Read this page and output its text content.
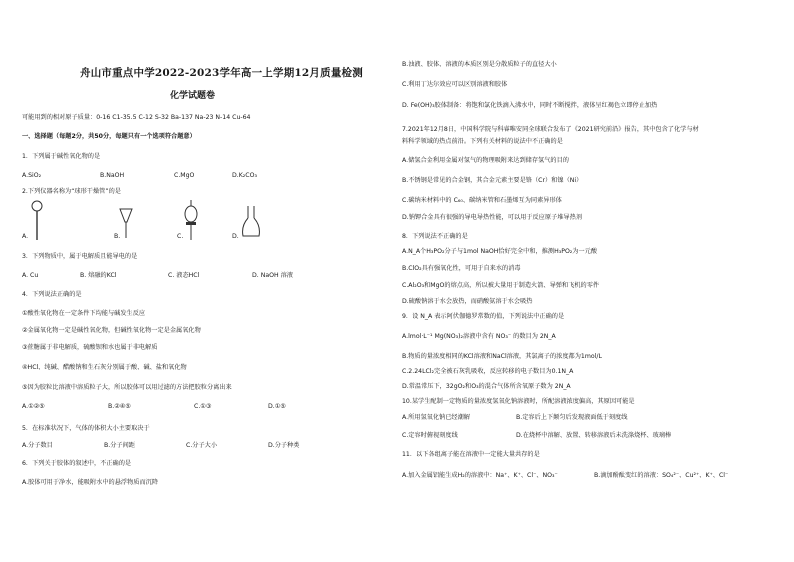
舟山市重点中学2022-2023学年高一上学期12月质量检测
化学试题卷
可能用到的相对原子质量：0-16 C1-35.5 C-12 S-32 Ba-137 Na-23 N-14 Cu-64
一、选择题（每题2分，共50分，每题只有一个选项符合题意）
1．下列属于碱性氧化物的是
A.SiO₂	B.NaOH	C.MgO	D.K₂CO₃
2.下列仪器名称为“球形干燥管”的是
A.	B.	C.	D.
3．下列物质中，属于电解质且能导电的是
A. Cu	B. 熔融的KCl	C. 液态HCl	D. NaOH 溶液
4．下列说法正确的是
①酸性氧化物在一定条件下均能与碱发生反应
②金属氧化物一定是碱性氧化物，但碱性氧化物一定是金属氧化物
③蔗糖属于非电解质，硫酸钡和水也属于非电解质
④HCl、纯碱、醋酸钠和生石灰分别属于酸、碱、盐和氧化物
⑤因为胶粒比溶液中溶质粒子大，所以胶体可以用过滤的方法把胶粒分离出来
A.①②⑤	B.②④⑤	C.①③	D.①⑤
5．在标准状况下，气体的体积大小主要取决于
A.分子数目	B.分子间距	C.分子大小	D.分子种类
6．下列关于胶体的叙述中，不正确的是
A.胶体可用于净水，能吸附水中的悬浮物质而沉降
B.浊液、胶体、溶液的本质区别是分散质粒子的直径大小
C.利用丁达尔效应可以区别溶液和胶体
D. Fe(OH)₃胶体制备：将饱和氯化铁滴入沸水中，同时不断搅拌，液体呈红褐色立即停止加热
7.2021年12月8日，中国科学院与科睿唯安同全球联合发布了《2021研究前沿》报告，其中包含了化学与材
料科学领域的热点前沿。下列有关材料的说法中不正确的是
A.储氢合金利用金属对氢气的物理吸附来达到储存氢气的目的
B.不锈钢是常见的合金钢，其合金元素主要是铬（Cr）和镍（Ni）
C.碳纳米材料中的 C₆₀、碳纳米管和石墨烯互为同素异形体
D.钠钾合金具有很强的导电导热性能，可以用于反应原子堆导热剂
8．下列说法不正确的是
A.N_A个H₃PO₂分子与1mol NaOH恰好完全中和，推测H₃PO₂为一元酸
B.ClO₂具有强氧化性，可用于自来水的消毒
C.Al₂O₃和MgO的熔点高，所以被大量用于制造火箭、导弹和飞机的零件
D.硫酸钠溶于水会放热，而硝酸氨溶于水会吸热
9．设 N_A 表示阿伏伽德罗常数的值，下列说法中正确的是
A.lmol·L⁻¹ Mg(NO₃)₂溶液中含有 NO₃⁻ 的数目为 2N_A
B.物质的量浓度相同的KCl溶液和NaCl溶液，其氯离子的浓度都为1mol/L
C.2.24LCl₂完全被石灰乳吸收，反应转移的电子数目为0.1N_A
D.常温常压下，32gO₂和O₃的混合气体所含氧原子数为 2N_A
10.某学生配制一定物质的量浓度氢氧化钠溶液时，所配溶液浓度偏高，其原因可能是
A.所用氢氧化钠已经潮解	B.定容后上下颠匀后发现液面低于刻度线
C.定容时俯视刻度线	D.在烧杯中溶解、放置、转移溶液后未洗涤烧杯、玻璃棒
11．以下各组离子能在溶液中一定能大量共存的是
A.加入金属铝能生成H₂的溶液中：Na⁺、K⁺、Cl⁻、NO₃⁻	B.滴加酚酞变红的溶液：SO₄²⁻、Cu²⁺、K⁺、Cl⁻
